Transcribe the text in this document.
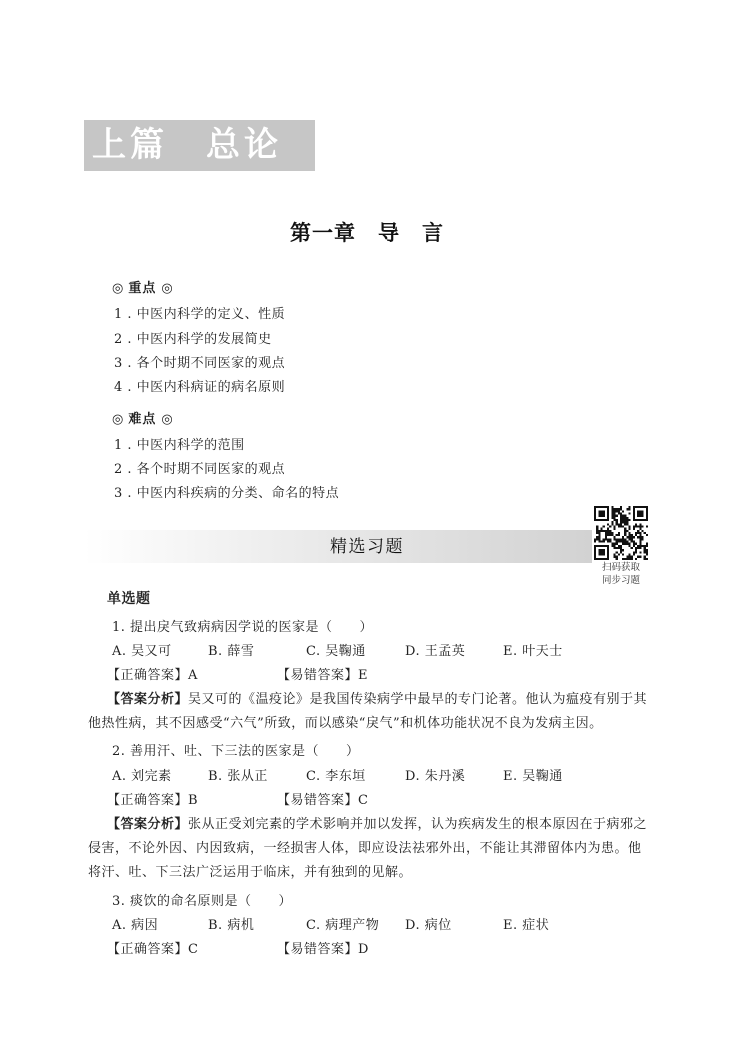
上篇　总论
第一章　导　言
◎ 重点 ◎
1 . 中医内科学的定义、性质
2 . 中医内科学的发展简史
3 . 各个时期不同医家的观点
4 . 中医内科病证的病名原则
◎ 难点 ◎
1 . 中医内科学的范围
2 . 各个时期不同医家的观点
3 . 中医内科疾病的分类、命名的特点
精选习题
扫码获取
同步习题
单选题
1. 提出戾气致病病因学说的医家是（　　）
A. 吴又可	B. 薛雪	C. 吴鞠通	D. 王孟英	E. 叶天士
【正确答案】A	【易错答案】E
【答案分析】吴又可的《温疫论》是我国传染病学中最早的专门论著。他认为瘟疫有别于其
他热性病，其不因感受“六气”所致，而以感染“戾气”和机体功能状况不良为发病主因。
2. 善用汗、吐、下三法的医家是（　　）
A. 刘完素	B. 张从正	C. 李东垣	D. 朱丹溪	E. 吴鞠通
【正确答案】B	【易错答案】C
【答案分析】张从正受刘完素的学术影响并加以发挥，认为疾病发生的根本原因在于病邪之
侵害，不论外因、内因致病，一经损害人体，即应设法祛邪外出，不能让其滞留体内为患。他
将汗、吐、下三法广泛运用于临床，并有独到的见解。
3. 痰饮的命名原则是（　　）
A. 病因	B. 病机	C. 病理产物 D. 病位	E. 症状
【正确答案】C	【易错答案】D
